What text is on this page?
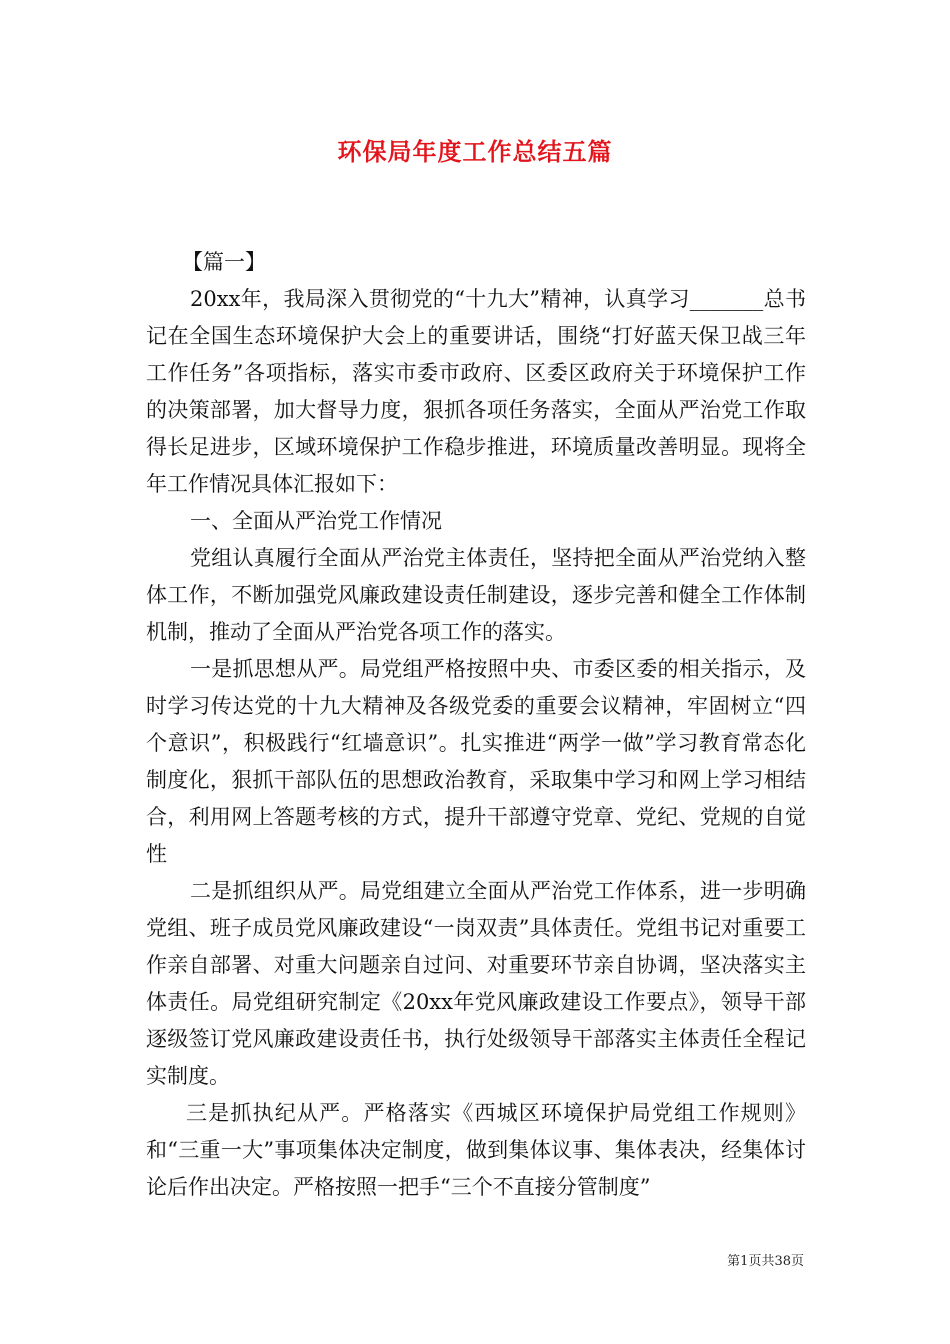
环保局年度工作总结五篇

【篇一】

20xx年，我局深入贯彻党的“十九大”精神，认真学习_______总书记在全国生态环境保护大会上的重要讲话，围绕“打好蓝天保卫战三年工作任务”各项指标，落实市委市政府、区委区政府关于环境保护工作的决策部署，加大督导力度，狠抓各项任务落实，全面从严治党工作取得长足进步，区域环境保护工作稳步推进，环境质量改善明显。现将全年工作情况具体汇报如下：

一、全面从严治党工作情况

党组认真履行全面从严治党主体责任，坚持把全面从严治党纳入整体工作，不断加强党风廉政建设责任制建设，逐步完善和健全工作体制机制，推动了全面从严治党各项工作的落实。

一是抓思想从严。局党组严格按照中央、市委区委的相关指示，及时学习传达党的十九大精神及各级党委的重要会议精神，牢固树立“四个意识”，积极践行“红墙意识”。扎实推进“两学一做”学习教育常态化制度化，狠抓干部队伍的思想政治教育，采取集中学习和网上学习相结合，利用网上答题考核的方式，提升干部遵守党章、党纪、党规的自觉性

二是抓组织从严。局党组建立全面从严治党工作体系，进一步明确党组、班子成员党风廉政建设“一岗双责”具体责任。党组书记对重要工作亲自部署、对重大问题亲自过问、对重要环节亲自协调，坚决落实主体责任。局党组研究制定《20xx年党风廉政建设工作要点》，领导干部逐级签订党风廉政建设责任书，执行处级领导干部落实主体责任全程记实制度。

三是抓执纪从严。严格落实《西城区环境保护局党组工作规则》和“三重一大”事项集体决定制度，做到集体议事、集体表决，经集体讨论后作出决定。严格按照一把手“三个不直接分管制度”

第1页共38页
